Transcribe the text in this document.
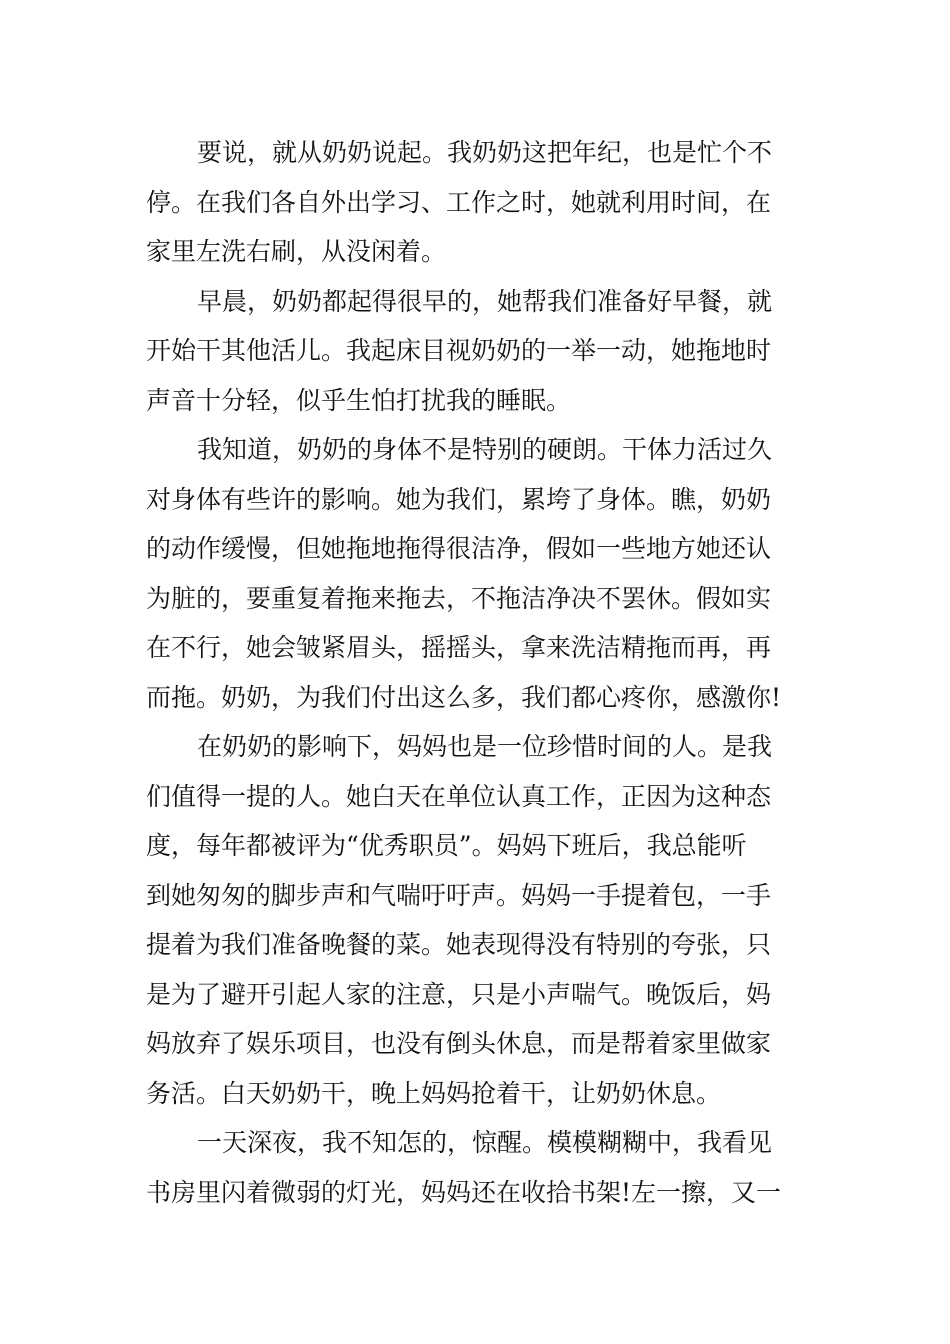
要说，就从奶奶说起。我奶奶这把年纪，也是忙个不
停。在我们各自外出学习、工作之时，她就利用时间，在
家里左洗右刷，从没闲着。
早晨，奶奶都起得很早的，她帮我们准备好早餐，就
开始干其他活儿。我起床目视奶奶的一举一动，她拖地时
声音十分轻，似乎生怕打扰我的睡眠。
我知道，奶奶的身体不是特别的硬朗。干体力活过久
对身体有些许的影响。她为我们，累垮了身体。瞧，奶奶
的动作缓慢，但她拖地拖得很洁净，假如一些地方她还认
为脏的，要重复着拖来拖去，不拖洁净决不罢休。假如实
在不行，她会皱紧眉头，摇摇头，拿来洗洁精拖而再，再
而拖。奶奶，为我们付出这么多，我们都心疼你，感激你!
在奶奶的影响下，妈妈也是一位珍惜时间的人。是我
们值得一提的人。她白天在单位认真工作，正因为这种态
度，每年都被评为“优秀职员”。妈妈下班后，我总能听
到她匆匆的脚步声和气喘吁吁声。妈妈一手提着包，一手
提着为我们准备晚餐的菜。她表现得没有特别的夸张，只
是为了避开引起人家的注意，只是小声喘气。晚饭后，妈
妈放弃了娱乐项目，也没有倒头休息，而是帮着家里做家
务活。白天奶奶干，晚上妈妈抢着干，让奶奶休息。
一天深夜，我不知怎的，惊醒。模模糊糊中，我看见
书房里闪着微弱的灯光，妈妈还在收拾书架!左一擦，又一
